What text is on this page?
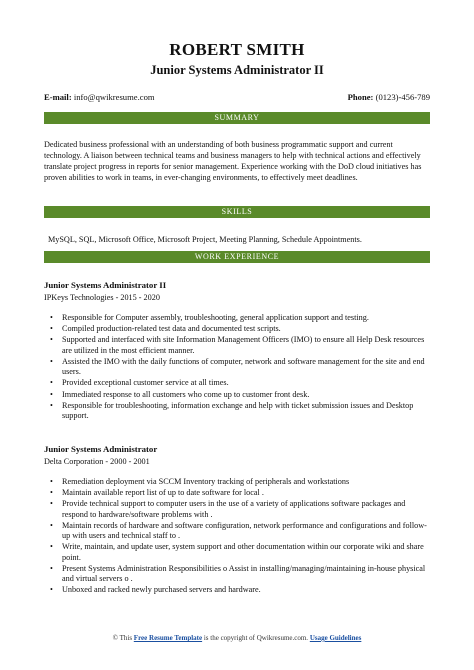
ROBERT SMITH
Junior Systems Administrator II
E-mail: info@qwikresume.com	Phone: (0123)-456-789
SUMMARY

Dedicated business professional with an understanding of both business programmatic support and current technology. A liaison between technical teams and business managers to help with technical actions and effectively translate project progress in reports for senior management. Experience working with the DoD cloud initiatives has proven abilities to work in teams, in ever-changing environments, to effectively meet deadlines.

SKILLS
MySQL, SQL, Microsoft Office, Microsoft Project, Meeting Planning, Schedule Appointments.
WORK EXPERIENCE
Junior Systems Administrator II
IPKeys Technologies - 2015 - 2020
• Responsible for Computer assembly, troubleshooting, general application support and testing.
• Compiled production-related test data and documented test scripts.
• Supported and interfaced with site Information Management Officers (IMO) to ensure all Help Desk resources are utilized in the most efficient manner.
• Assisted the IMO with the daily functions of computer, network and software management for the site and end users.
• Provided exceptional customer service at all times.
• Immediated response to all customers who come up to customer front desk.
• Responsible for troubleshooting, information exchange and help with ticket submission issues and Desktop support.
Junior Systems Administrator
Delta Corporation - 2000 - 2001
• Remediation deployment via SCCM Inventory tracking of peripherals and workstations
• Maintain available report list of up to date software for local .
• Provide technical support to computer users in the use of a variety of applications software packages and respond to hardware/software problems with .
• Maintain records of hardware and software configuration, network performance and configurations and follow-up with users and technical staff to .
• Write, maintain, and update user, system support and other documentation within our corporate wiki and share point.
• Present Systems Administration Responsibilities o Assist in installing/managing/maintaining in-house physical and virtual servers o .
• Unboxed and racked newly purchased servers and hardware.
© This Free Resume Template is the copyright of Qwikresume.com. Usage Guidelines
